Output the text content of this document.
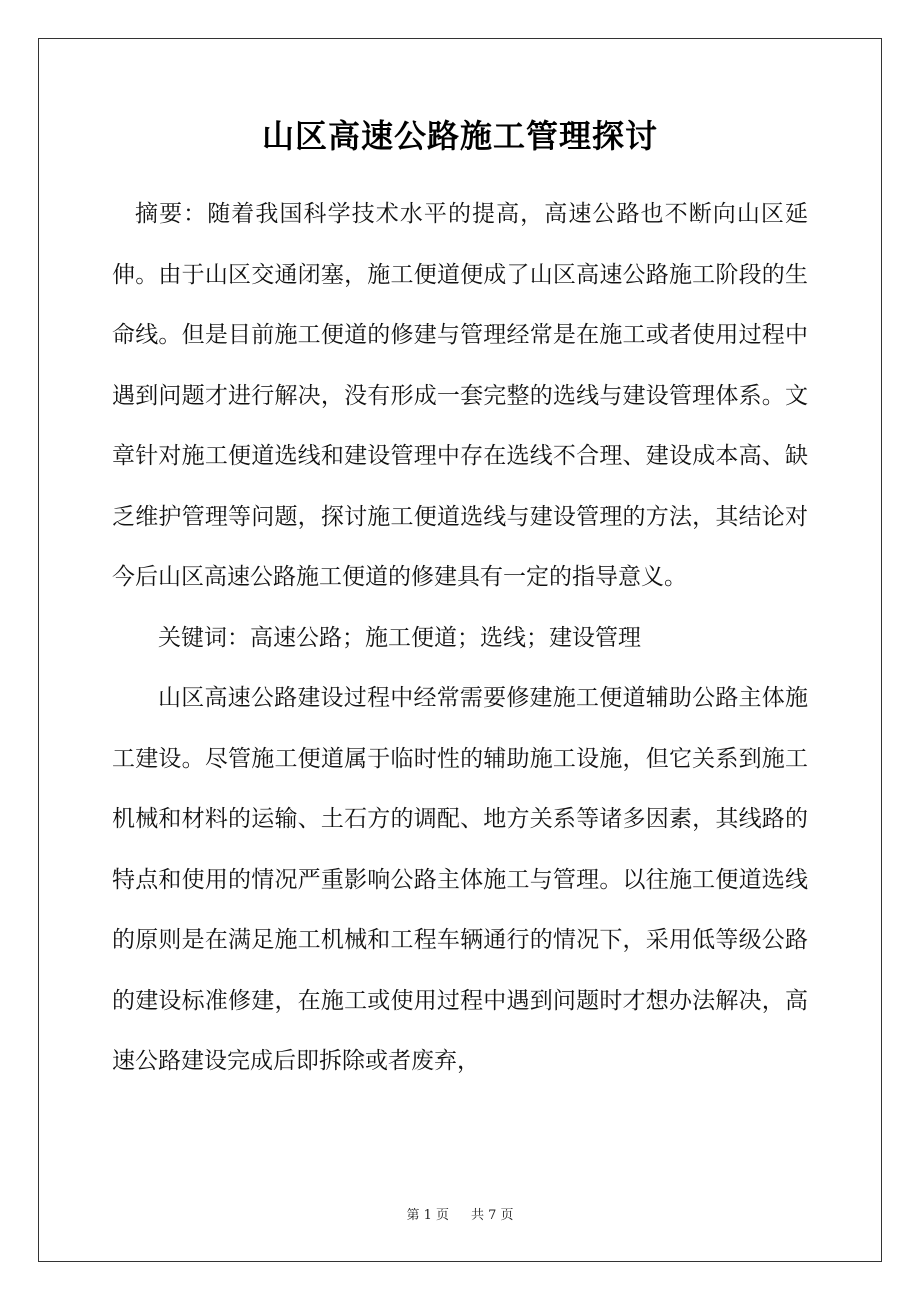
山区高速公路施工管理探讨

摘要：随着我国科学技术水平的提高，高速公路也不断向山区延伸。由于山区交通闭塞，施工便道便成了山区高速公路施工阶段的生命线。但是目前施工便道的修建与管理经常是在施工或者使用过程中遇到问题才进行解决，没有形成一套完整的选线与建设管理体系。文章针对施工便道选线和建设管理中存在选线不合理、建设成本高、缺乏维护管理等问题，探讨施工便道选线与建设管理的方法，其结论对今后山区高速公路施工便道的修建具有一定的指导意义。

关键词：高速公路；施工便道；选线；建设管理

山区高速公路建设过程中经常需要修建施工便道辅助公路主体施工建设。尽管施工便道属于临时性的辅助施工设施，但它关系到施工机械和材料的运输、土石方的调配、地方关系等诸多因素，其线路的特点和使用的情况严重影响公路主体施工与管理。以往施工便道选线的原则是在满足施工机械和工程车辆通行的情况下，采用低等级公路的建设标准修建，在施工或使用过程中遇到问题时才想办法解决，高速公路建设完成后即拆除或者废弃，

第 1 页 共 7 页
